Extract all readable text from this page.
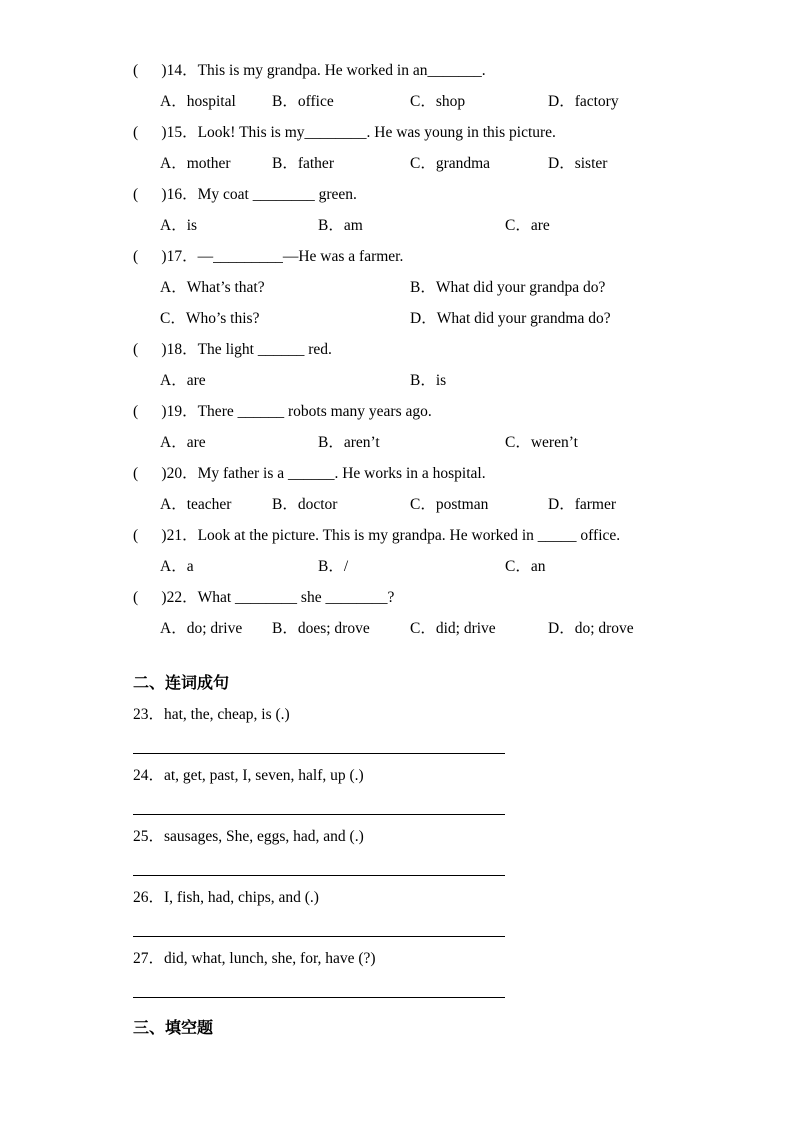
(      )14．This is my grandpa. He worked in an_______.
A．hospital B．office	C．shop	D．factory
(      )15．Look! This is my________. He was young in this picture.
A．mother	B．father	C．grandma	D．sister
(      )16．My coat ________ green.
A．is	B．am	C．are
(      )17．—_________—He was a farmer.
A．What’s that?	B．What did your grandpa do?
C．Who’s this?	D．What did your grandma do?
(      )18．The light ______ red.
A．are	B．is
(      )19．There ______ robots many years ago.
A．are	B．aren’t	C．weren’t
(      )20．My father is a ______. He works in a hospital.
A．teacher	B．doctor	C．postman	D．farmer
(      )21．Look at the picture. This is my grandpa. He worked in _____ office.
A．a	B．/	C．an
(      )22．What ________ she ________?
A．do; drive B．does; drove	C．did; drive	D．do; drove
二、连词成句
23．hat, the, cheap, is (.)
24．at, get, past, I, seven, half, up (.)
25．sausages, She, eggs, had, and (.)
26．I, fish, had, chips, and (.)
27．did, what, lunch, she, for, have (?)
三、填空题
